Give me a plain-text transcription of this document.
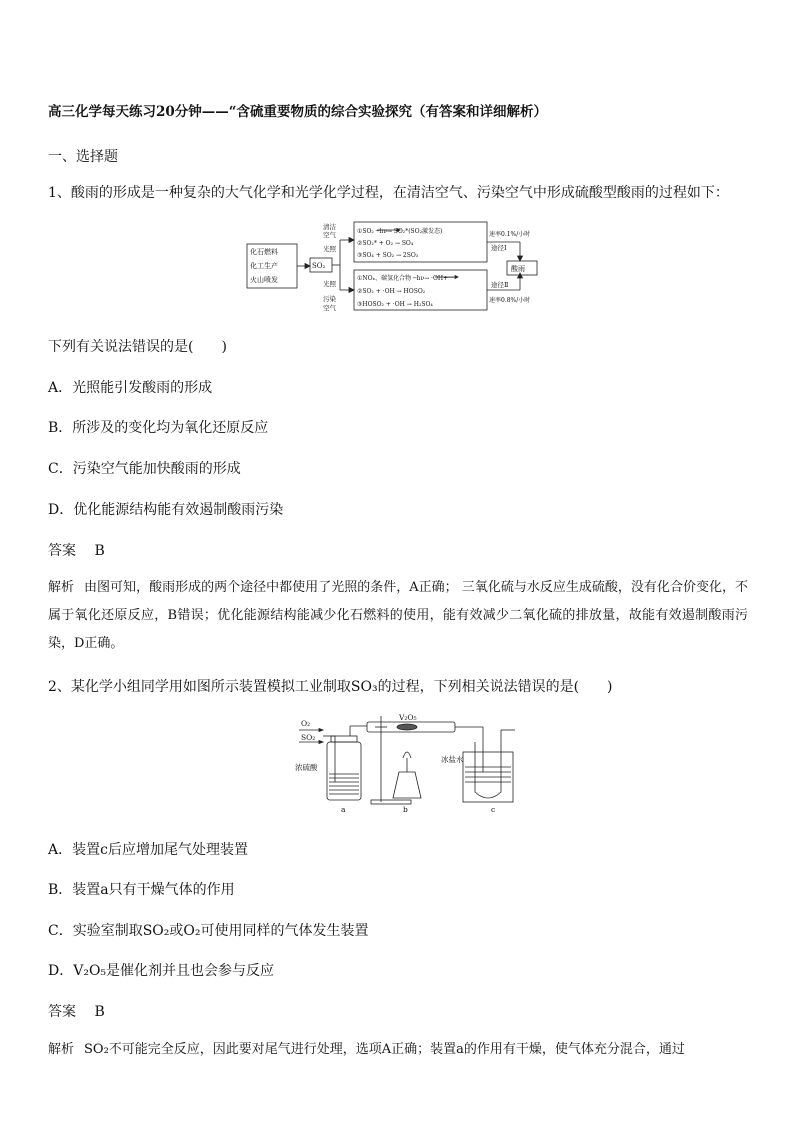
高三化学每天练习20分钟——“含硫重要物质的综合实验探究（有答案和详细解析）
一、选择题
1、酸雨的形成是一种复杂的大气化学和光学化学过程，在清洁空气、污染空气中形成硫酸型酸雨的过程如下：
化石燃料
化工生产
火山喷发
SO₂
清洁
空气
光照
光照
污染
空气
①SO₂ ─hν→ SO₂*(SO₂激发态)
②SO₂* + O₂ → SO₄
③SO₄ + SO₂ → 2SO₃
①NOₓ、碳氢化合物 ─hν→ ·OH+···
②SO₂ + ·OH → HOSO₂
③HOSO₂ + ·OH → H₂SO₄
速率0.1%/小时
途径Ⅰ
酸雨
途径Ⅱ
速率0.8%/小时
下列有关说法错误的是(　　)
A．光照能引发酸雨的形成
B．所涉及的变化均为氧化还原反应
C．污染空气能加快酸雨的形成
D．优化能源结构能有效遏制酸雨污染
答案 B
解析 由图可知，酸雨形成的两个途径中都使用了光照的条件，A正确； 三氧化硫与水反应生成硫酸，没有化合价变化，不属于氧化还原反应，B错误；优化能源结构能减少化石燃料的使用，能有效减少二氧化硫的排放量，故能有效遏制酸雨污染，D正确。
2、某化学小组同学用如图所示装置模拟工业制取SO₃的过程，下列相关说法错误的是(　　)
O₂
SO₂
V₂O₅
浓硫酸
冰盐水
a	b	c
A．装置c后应增加尾气处理装置
B．装置a只有干燥气体的作用
C．实验室制取SO₂或O₂可使用同样的气体发生装置
D．V₂O₅是催化剂并且也会参与反应
答案 B
解析 SO₂不可能完全反应，因此要对尾气进行处理，选项A正确；装置a的作用有干燥，使气体充分混合，通过
